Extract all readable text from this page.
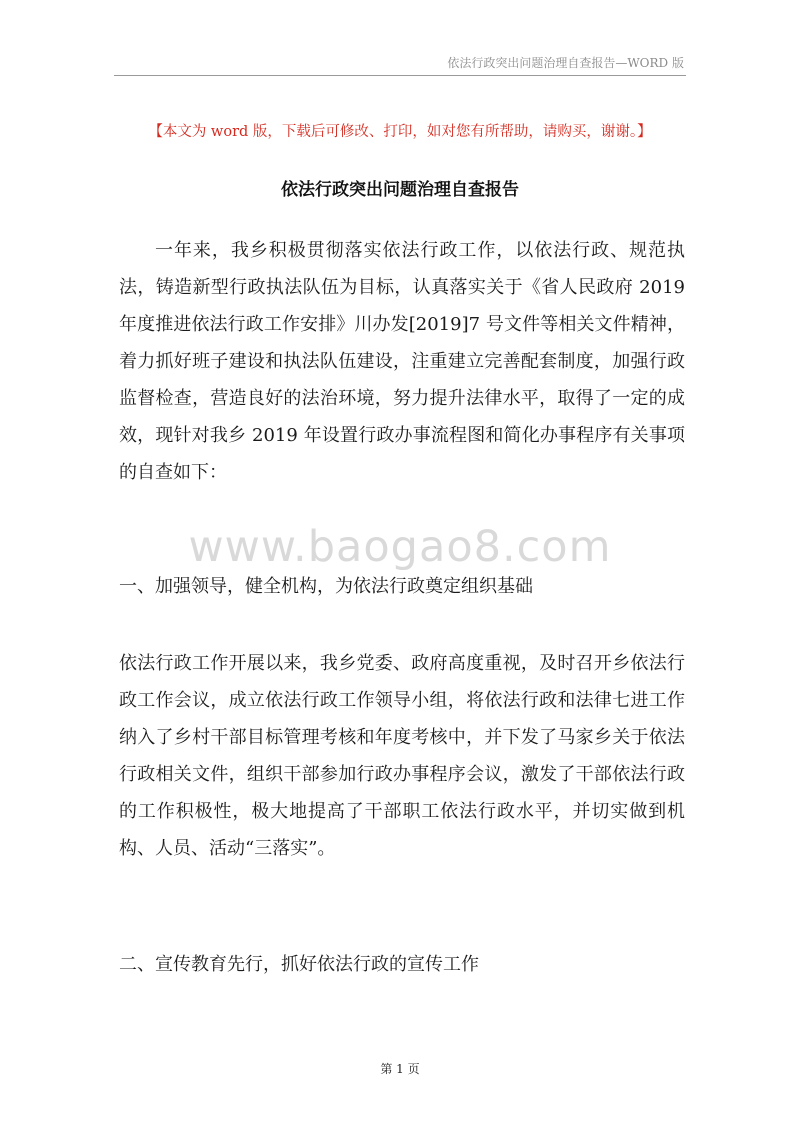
依法行政突出问题治理自查报告—WORD 版
【本文为 word 版，下载后可修改、打印，如对您有所帮助，请购买，谢谢。】
依法行政突出问题治理自查报告

一年来，我乡积极贯彻落实依法行政工作，以依法行政、规范执法，铸造新型行政执法队伍为目标，认真落实关于《省人民政府 2019 年度推进依法行政工作安排》川办发[2019]7 号文件等相关文件精神，着力抓好班子建设和执法队伍建设，注重建立完善配套制度，加强行政监督检查，营造良好的法治环境，努力提升法律水平，取得了一定的成效，现针对我乡 2019 年设置行政办事流程图和简化办事程序有关事项的自查如下：

www.baogao8.com
一、加强领导，健全机构，为依法行政奠定组织基础

依法行政工作开展以来，我乡党委、政府高度重视，及时召开乡依法行政工作会议，成立依法行政工作领导小组，将依法行政和法律七进工作纳入了乡村干部目标管理考核和年度考核中，并下发了马家乡关于依法行政相关文件，组织干部参加行政办事程序会议，激发了干部依法行政的工作积极性，极大地提高了干部职工依法行政水平，并切实做到机构、人员、活动“三落实”。

二、宣传教育先行，抓好依法行政的宣传工作
第 1 页
